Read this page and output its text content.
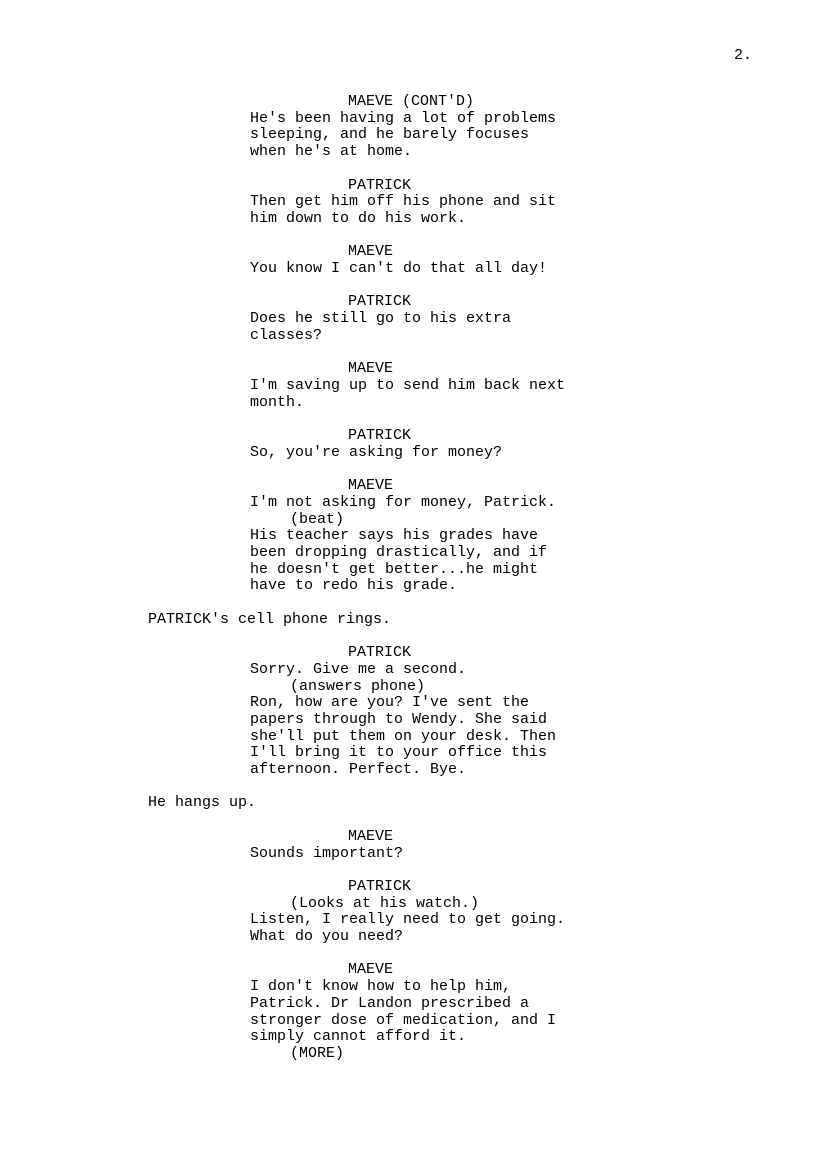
2.
MAEVE (CONT'D)
He's been having a lot of problems
sleeping, and he barely focuses
when he's at home.
PATRICK
Then get him off his phone and sit
him down to do his work.
MAEVE
You know I can't do that all day!
PATRICK
Does he still go to his extra
classes?
MAEVE
I'm saving up to send him back next
month.
PATRICK
So, you're asking for money?
MAEVE
I'm not asking for money, Patrick.
(beat)
His teacher says his grades have
been dropping drastically, and if
he doesn't get better...he might
have to redo his grade.
PATRICK's cell phone rings.
PATRICK
Sorry. Give me a second.
(answers phone)
Ron, how are you? I've sent the
papers through to Wendy. She said
she'll put them on your desk. Then
I'll bring it to your office this
afternoon. Perfect. Bye.
He hangs up.
MAEVE
Sounds important?
PATRICK
(Looks at his watch.)
Listen, I really need to get going.
What do you need?
MAEVE
I don't know how to help him,
Patrick. Dr Landon prescribed a
stronger dose of medication, and I
simply cannot afford it.
(MORE)
